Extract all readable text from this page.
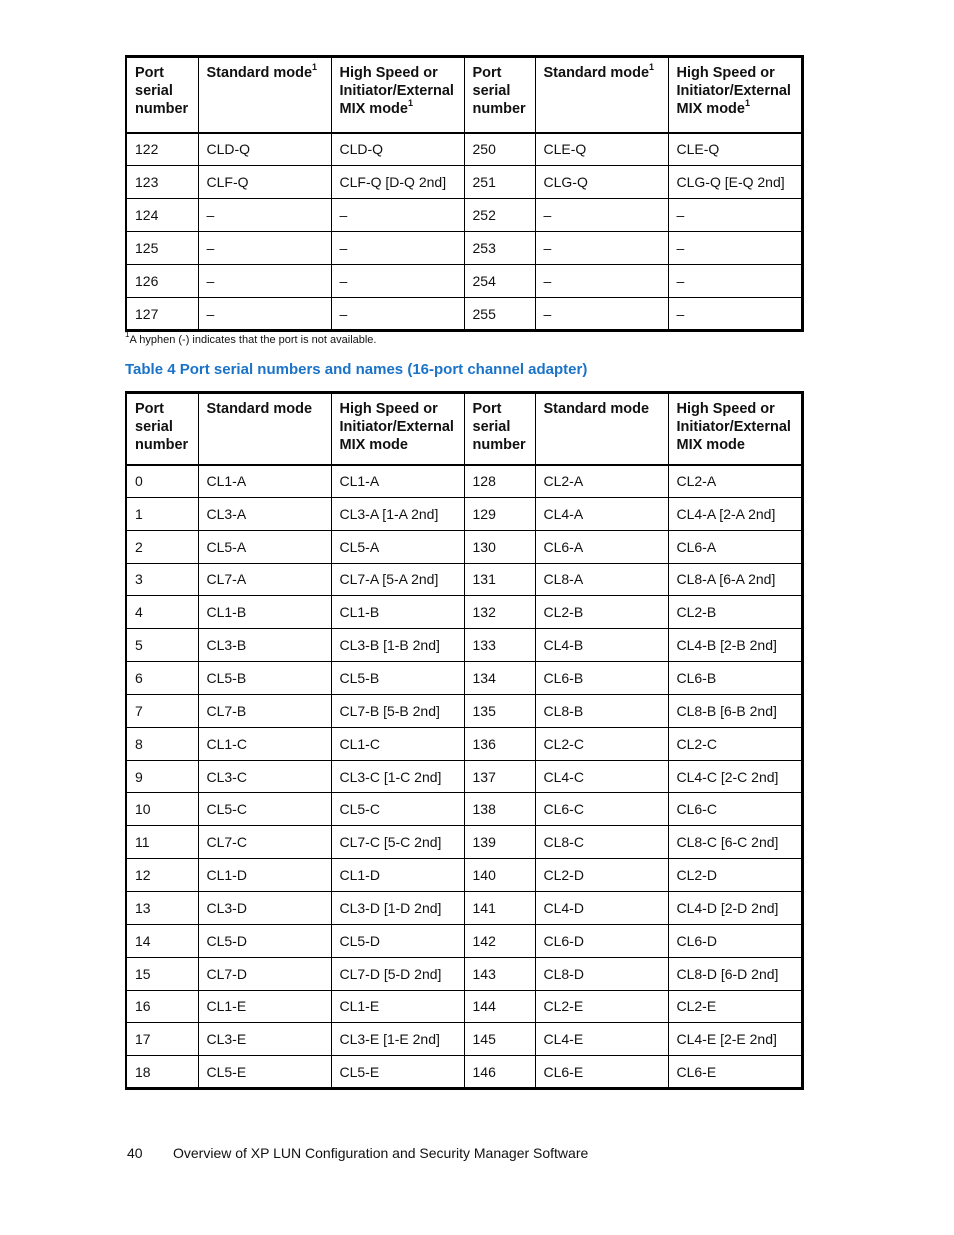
Port serial number	Standard mode$^1$	High Speed or Initiator/External MIX mode$^1$	Port serial number	Standard mode$^1$	High Speed or Initiator/External MIX mode$^1$
122	CLD-Q	CLD-Q	250	CLE-Q	CLE-Q
123	CLF-Q	CLF-Q [D-Q 2nd]	251	CLG-Q	CLG-Q [E-Q 2nd]
124	–	–	252	–	–
125	–	–	253	–	–
126	–	–	254	–	–
127	–	–	255	–	–
$^1$A hyphen (-) indicates that the port is not available.
Table 4 Port serial numbers and names (16-port channel adapter)
Port serial number	Standard mode	High Speed or Initiator/External MIX mode	Port serial number	Standard mode	High Speed or Initiator/External MIX mode
0	CL1-A	CL1-A	128	CL2-A	CL2-A
1	CL3-A	CL3-A [1-A 2nd]	129	CL4-A	CL4-A [2-A 2nd]
2	CL5-A	CL5-A	130	CL6-A	CL6-A
3	CL7-A	CL7-A [5-A 2nd]	131	CL8-A	CL8-A [6-A 2nd]
4	CL1-B	CL1-B	132	CL2-B	CL2-B
5	CL3-B	CL3-B [1-B 2nd]	133	CL4-B	CL4-B [2-B 2nd]
6	CL5-B	CL5-B	134	CL6-B	CL6-B
7	CL7-B	CL7-B [5-B 2nd]	135	CL8-B	CL8-B [6-B 2nd]
8	CL1-C	CL1-C	136	CL2-C	CL2-C
9	CL3-C	CL3-C [1-C 2nd]	137	CL4-C	CL4-C [2-C 2nd]
10	CL5-C	CL5-C	138	CL6-C	CL6-C
11	CL7-C	CL7-C [5-C 2nd]	139	CL8-C	CL8-C [6-C 2nd]
12	CL1-D	CL1-D	140	CL2-D	CL2-D
13	CL3-D	CL3-D [1-D 2nd]	141	CL4-D	CL4-D [2-D 2nd]
14	CL5-D	CL5-D	142	CL6-D	CL6-D
15	CL7-D	CL7-D [5-D 2nd]	143	CL8-D	CL8-D [6-D 2nd]
16	CL1-E	CL1-E	144	CL2-E	CL2-E
17	CL3-E	CL3-E [1-E 2nd]	145	CL4-E	CL4-E [2-E 2nd]
18	CL5-E	CL5-E	146	CL6-E	CL6-E
40 Overview of XP LUN Configuration and Security Manager Software
